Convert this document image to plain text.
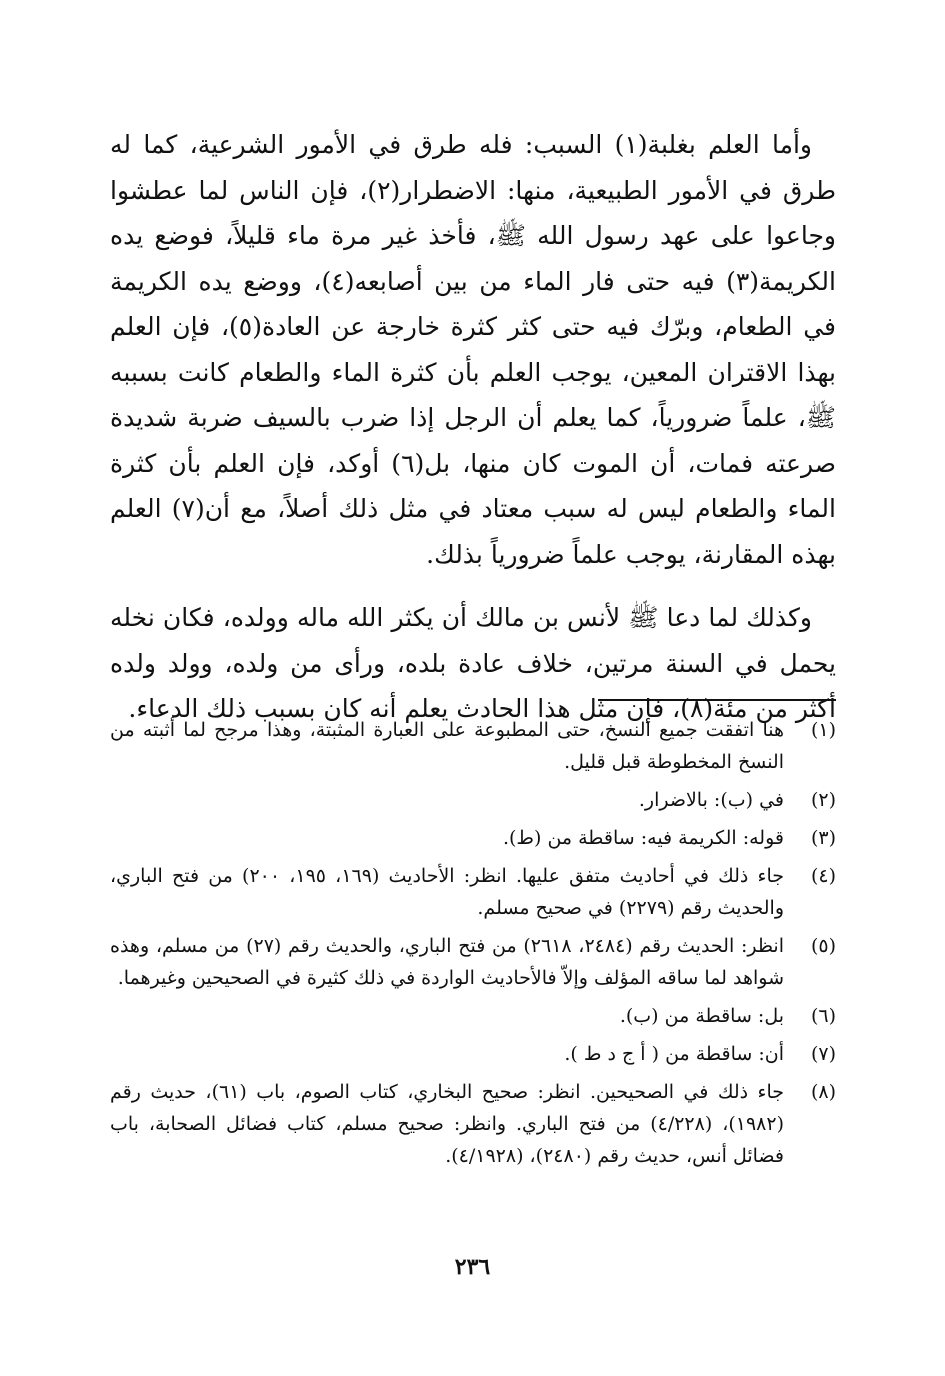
وأما العلم بغلبة(١) السبب: فله طرق في الأمور الشرعية، كما له طرق في الأمور الطبيعية، منها: الاضطرار(٢)، فإن الناس لما عطشوا وجاعوا على عهد رسول الله ﷺ، فأخذ غير مرة ماء قليلاً، فوضع يده الكريمة(٣) فيه حتى فار الماء من بين أصابعه(٤)، ووضع يده الكريمة في الطعام، وبرّك فيه حتى كثر كثرة خارجة عن العادة(٥)، فإن العلم بهذا الاقتران المعين، يوجب العلم بأن كثرة الماء والطعام كانت بسببه ﷺ، علماً ضرورياً، كما يعلم أن الرجل إذا ضرب بالسيف ضربة شديدة صرعته فمات، أن الموت كان منها، بل(٦) أوكد، فإن العلم بأن كثرة الماء والطعام ليس له سبب معتاد في مثل ذلك أصلاً، مع أن(٧) العلم بهذه المقارنة، يوجب علماً ضرورياً بذلك.

وكذلك لما دعا ﷺ لأنس بن مالك أن يكثر الله ماله وولده، فكان نخله يحمل في السنة مرتين، خلاف عادة بلده، ورأى من ولده، وولد ولده أكثر من مئة(٨)، فإن مثل هذا الحادث يعلم أنه كان بسبب ذلك الدعاء.

(١)
هنا اتفقت جميع النسخ، حتى المطبوعة على العبارة المثبتة، وهذا مرجح لما أثبته من النسخ المخطوطة قبل قليل.
(٢)
في (ب): بالاضرار.
(٣)
قوله: الكريمة فيه: ساقطة من (ط).
(٤)
جاء ذلك في أحاديث متفق عليها. انظر: الأحاديث (١٦٩، ١٩٥، ٢٠٠) من فتح الباري، والحديث رقم (٢٢٧٩) في صحيح مسلم.
(٥)
انظر: الحديث رقم (٢٤٨٤، ٢٦١٨) من فتح الباري، والحديث رقم (٢٧) من مسلم، وهذه شواهد لما ساقه المؤلف وإلاّ فالأحاديث الواردة في ذلك كثيرة في الصحيحين وغيرهما.
(٦)
بل: ساقطة من (ب).
(٧)
أن: ساقطة من ( أ ج د ط ).
(٨)
جاء ذلك في الصحيحين. انظر: صحيح البخاري، كتاب الصوم، باب (٦١)، حديث رقم (١٩٨٢)، (٤/٢٢٨) من فتح الباري. وانظر: صحيح مسلم، كتاب فضائل الصحابة، باب فضائل أنس، حديث رقم (٢٤٨٠)، (٤/١٩٢٨).
٢٣٦
